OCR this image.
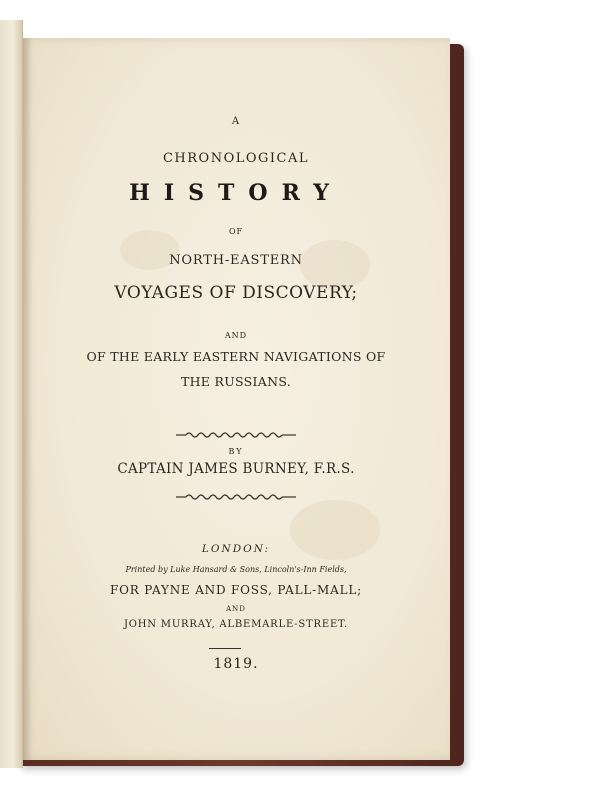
A
CHRONOLOGICAL
HISTORY
OF
NORTH-EASTERN
VOYAGES OF DISCOVERY;
AND
OF THE EARLY EASTERN NAVIGATIONS OF
THE RUSSIANS.
BY
CAPTAIN JAMES BURNEY, F.R.S.
LONDON:
Printed by Luke Hansard & Sons, Lincoln's-Inn Fields,
FOR PAYNE AND FOSS, PALL-MALL;
AND
JOHN MURRAY, ALBEMARLE-STREET.
1819.
